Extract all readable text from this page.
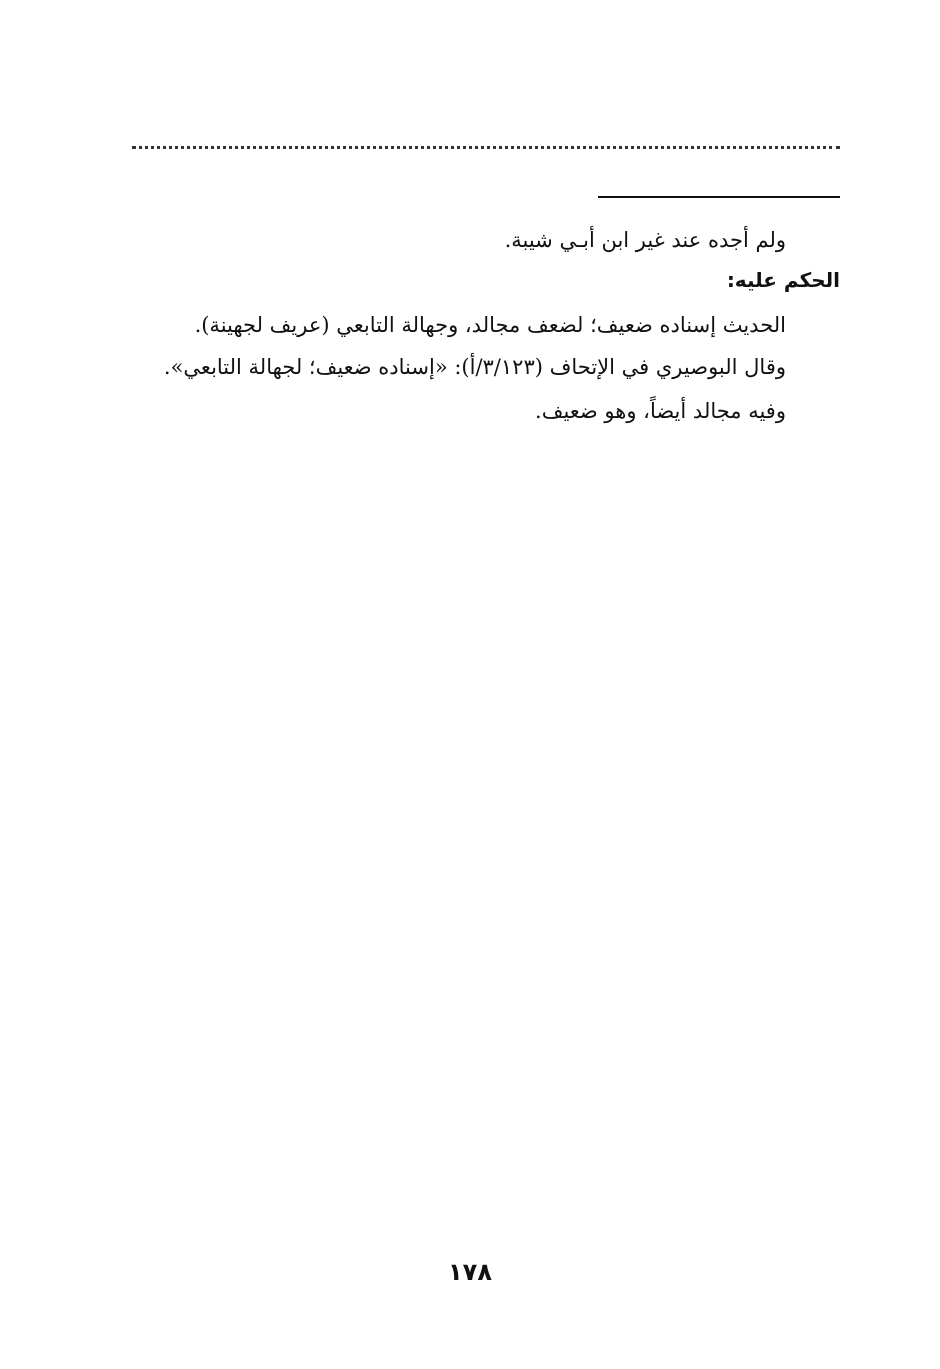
ولم أجده عند غير ابن أبـي شيبة.
الحكم عليه:
الحديث إسناده ضعيف؛ لضعف مجالد، وجهالة التابعي (عريف لجهينة).
وقال البوصيري في الإتحاف (٣/١٢٣/أ): «إسناده ضعيف؛ لجهالة التابعي».
وفيه مجالد أيضاً، وهو ضعيف.
١٧٨
